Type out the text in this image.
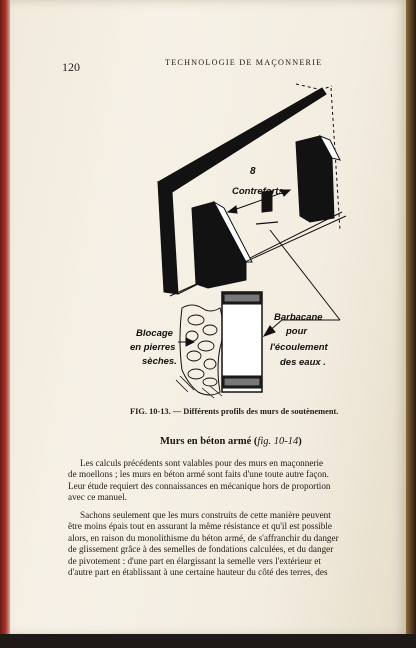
120	TECHNOLOGIE DE MAÇONNERIE
8
Contreforts
Barbacane
pour
l'écoulement
des eaux .
Blocage
en pierres
sèches.
FIG. 10-13. — Différents profils des murs de soutènement.
Murs en béton armé (fig. 10-14)
Les calculs précédents sont valables pour des murs en maçonnerie
de moellons ; les murs en béton armé sont faits d'une toute autre façon.
Leur étude requiert des connaissances en mécanique hors de proportion
avec ce manuel.
Sachons seulement que les murs construits de cette manière peuvent
être moins épais tout en assurant la même résistance et qu'il est possible
alors, en raison du monolithisme du béton armé, de s'affranchir du danger
de glissement grâce à des semelles de fondations calculées, et du danger
de pivotement : d'une part en élargissant la semelle vers l'extérieur et
d'autre part en établissant à une certaine hauteur du côté des terres, des
